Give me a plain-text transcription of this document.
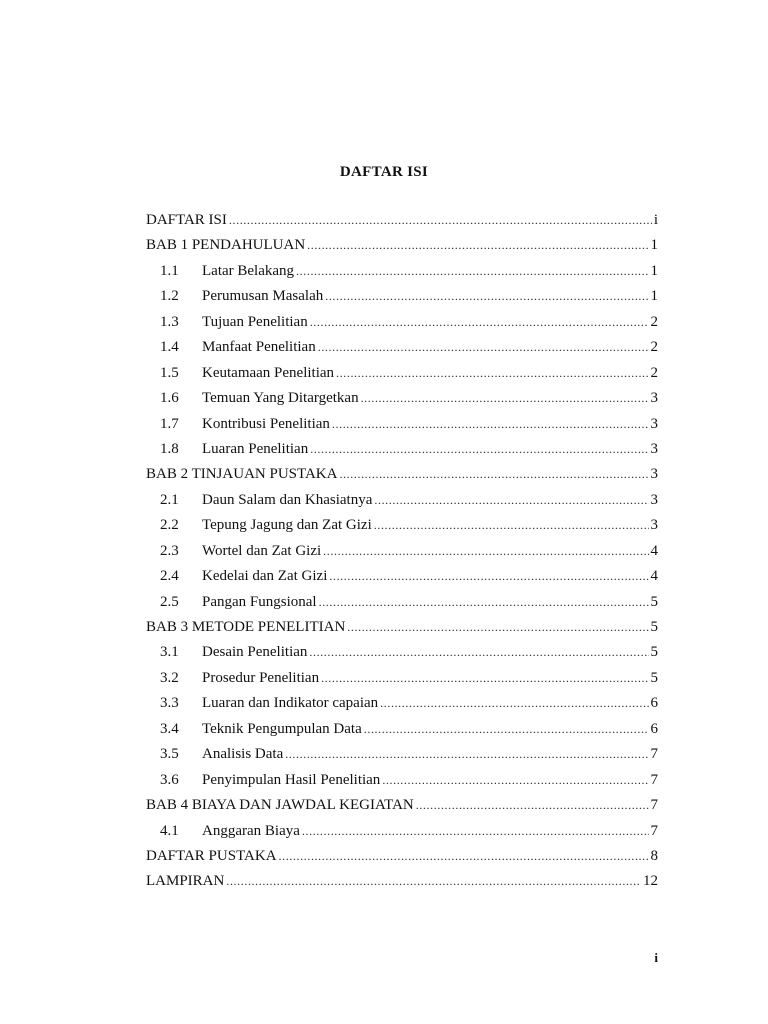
DAFTAR ISI
DAFTAR ISI .....	i
BAB 1 PENDAHULUAN .....	1
1.1	Latar Belakang .....	1
1.2	Perumusan Masalah .....	1
1.3	Tujuan Penelitian .....	2
1.4	Manfaat Penelitian .....	2
1.5	Keutamaan Penelitian .....	2
1.6	Temuan Yang Ditargetkan .....	3
1.7	Kontribusi Penelitian .....	3
1.8	Luaran Penelitian .....	3
BAB 2 TINJAUAN PUSTAKA .....	3
2.1	Daun Salam dan Khasiatnya .....	3
2.2	Tepung Jagung dan Zat Gizi .....	3
2.3	Wortel dan Zat Gizi .....	4
2.4	Kedelai dan Zat Gizi .....	4
2.5	Pangan Fungsional .....	5
BAB 3 METODE PENELITIAN .....	5
3.1	Desain Penelitian .....	5
3.2	Prosedur Penelitian .....	5
3.3	Luaran dan Indikator capaian .....	6
3.4	Teknik Pengumpulan Data .....	6
3.5	Analisis Data .....	7
3.6	Penyimpulan Hasil Penelitian .....	7
BAB 4 BIAYA DAN JAWDAL KEGIATAN .....	7
4.1	Anggaran Biaya .....	7
DAFTAR PUSTAKA .....	8
LAMPIRAN .....	12
i
